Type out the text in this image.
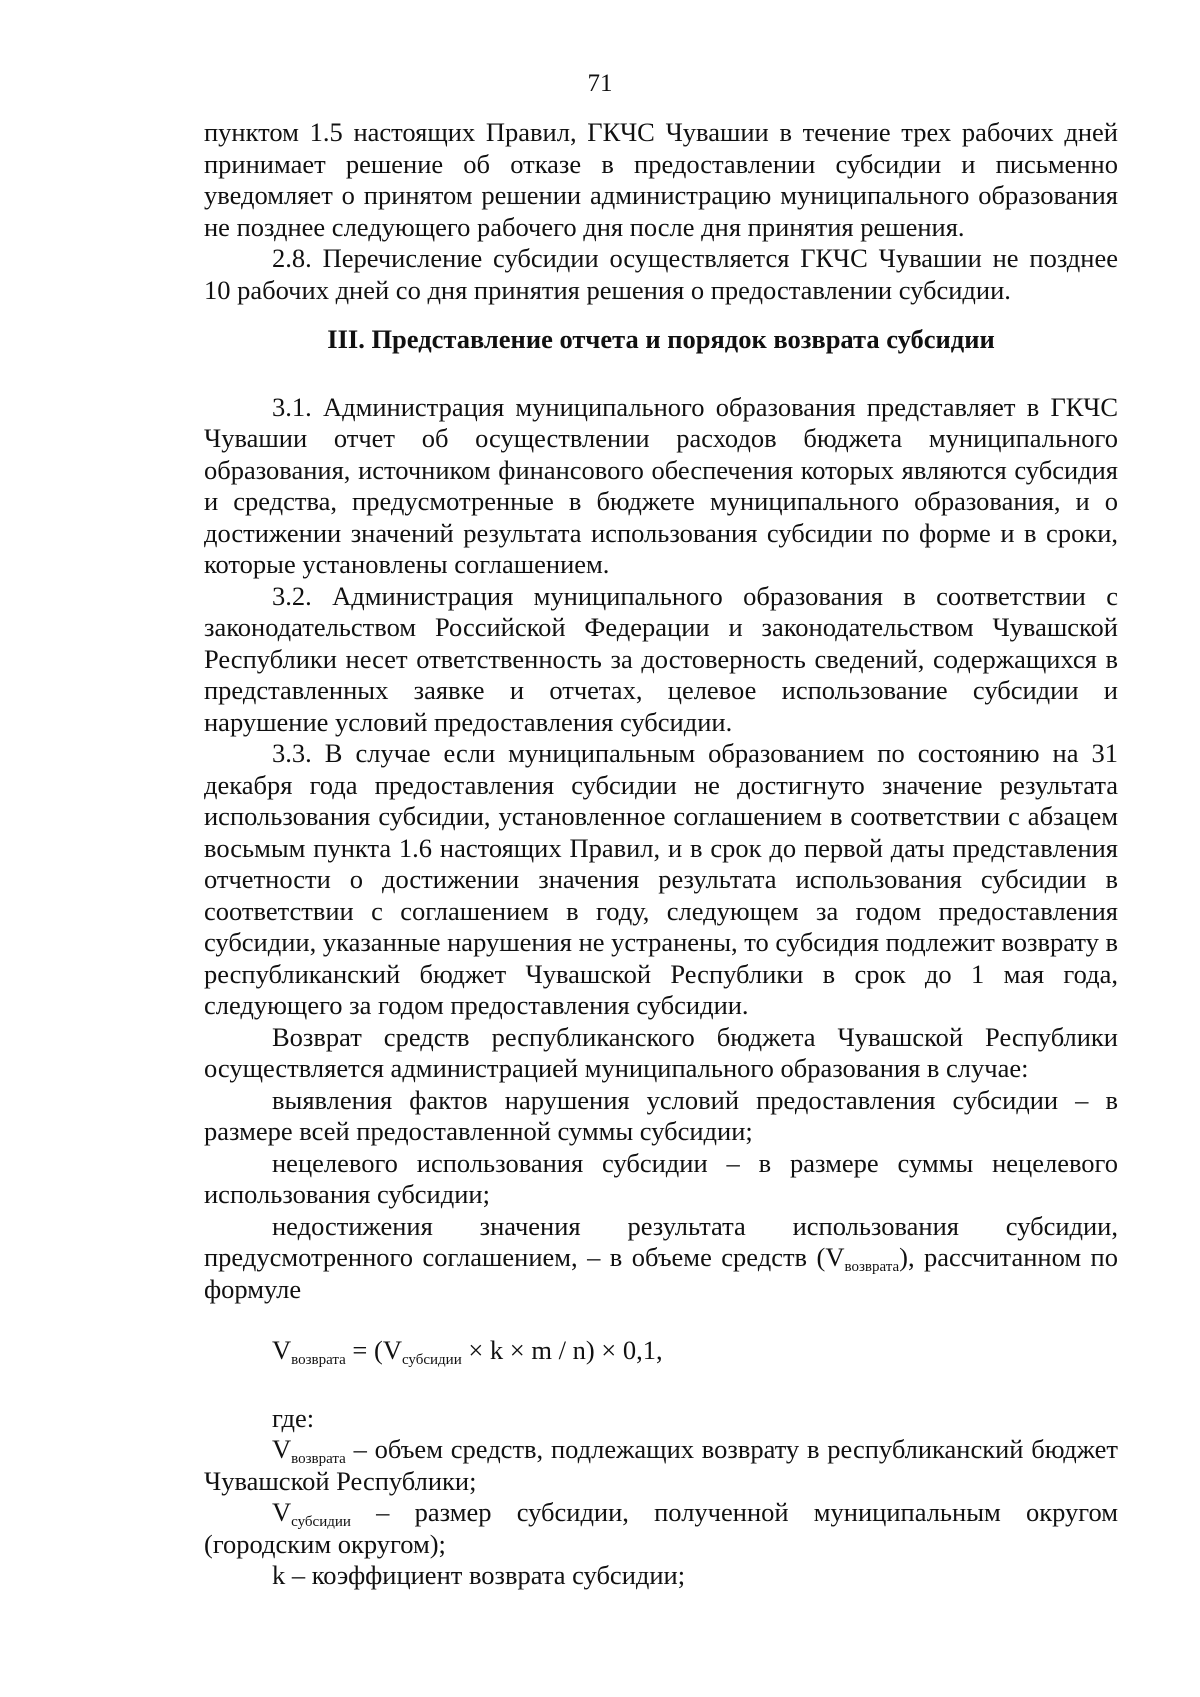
71

пунктом 1.5 настоящих Правил, ГКЧС Чувашии в течение трех рабочих дней принимает решение об отказе в предоставлении субсидии и письменно уведомляет о принятом решении администрацию муниципального образования не позднее следующего рабочего дня после дня принятия решения.

2.8. Перечисление субсидии осуществляется ГКЧС Чувашии не позднее 10 рабочих дней со дня принятия решения о предоставлении субсидии.

III. Представление отчета и порядок возврата субсидии

3.1. Администрация муниципального образования представляет в ГКЧС Чувашии отчет об осуществлении расходов бюджета муниципального образования, источником финансового обеспечения которых являются субсидия и средства, предусмотренные в бюджете муниципального образования, и о достижении значений результата использования субсидии по форме и в сроки, которые установлены соглашением.

3.2. Администрация муниципального образования в соответствии с законодательством Российской Федерации и законодательством Чувашской Республики несет ответственность за достоверность сведений, содержащихся в представленных заявке и отчетах, целевое использование субсидии и нарушение условий предоставления субсидии.

3.3. В случае если муниципальным образованием по состоянию на 31 декабря года предоставления субсидии не достигнуто значение результата использования субсидии, установленное соглашением в соответствии с абзацем восьмым пункта 1.6 настоящих Правил, и в срок до первой даты представления отчетности о достижении значения результата использования субсидии в соответствии с соглашением в году, следующем за годом предоставления субсидии, указанные нарушения не устранены, то субсидия подлежит возврату в республиканский бюджет Чувашской Республики в срок до 1 мая года, следующего за годом предоставления субсидии.

Возврат средств республиканского бюджета Чувашской Республики осуществляется администрацией муниципального образования в случае:

выявления фактов нарушения условий предоставления субсидии – в размере всей предоставленной суммы субсидии;

нецелевого использования субсидии – в размере суммы нецелевого использования субсидии;

недостижения значения результата использования субсидии, предусмотренного соглашением, – в объеме средств $(V_{возврата})$, рассчитанном по формуле

$V_{возврата} = (V_{субсидии} \times k \times m / n) \times 0,1$,

где:

$V_{возврата}$ – объем средств, подлежащих возврату в республиканский бюджет Чувашской Республики;

$V_{субсидии}$ – размер субсидии, полученной муниципальным округом (городским округом);

k – коэффициент возврата субсидии;
